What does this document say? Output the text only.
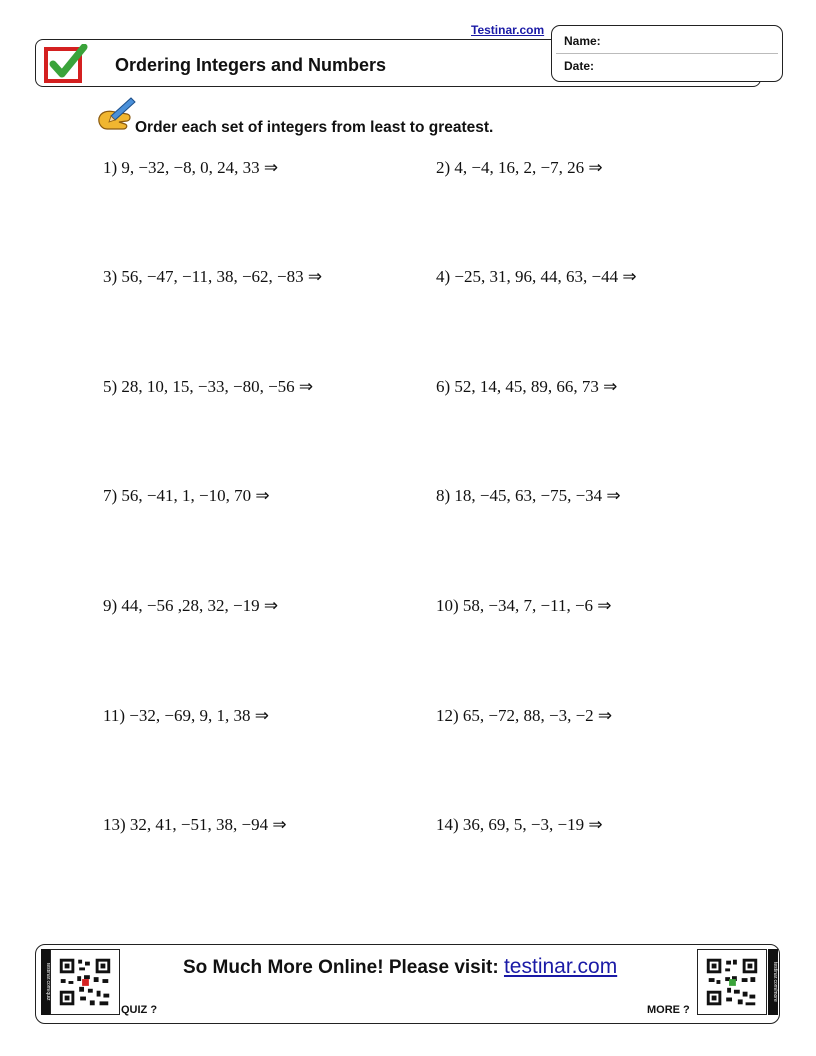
Testinar.com
Ordering Integers and Numbers
Name:
Date:
Order each set of integers from least to greatest.
1) 9, −32, −8, 0, 24, 33 ⇒	2) 4, −4, 16, 2, −7, 26 ⇒
3) 56, −47, −11, 38, −62, −83 ⇒	4) −25, 31, 96, 44, 63, −44 ⇒
5) 28, 10, 15, −33, −80, −56 ⇒	6) 52, 14, 45, 89, 66, 73 ⇒
7) 56, −41, 1, −10, 70 ⇒	8) 18, −45, 63, −75, −34 ⇒
9) 44, −56 ,28, 32, −19 ⇒	10) 58, −34, 7, −11, −6 ⇒
11) −32, −69, 9, 1, 38 ⇒	12) 65, −72, 88, −3, −2 ⇒
13) 32, 41, −51, 38, −94 ⇒	14) 36, 69, 5, −3, −19 ⇒
testinar.com/quiz
QUIZ ?
So Much More Online! Please visit: testinar.com
MORE ?
testinar.com/more
